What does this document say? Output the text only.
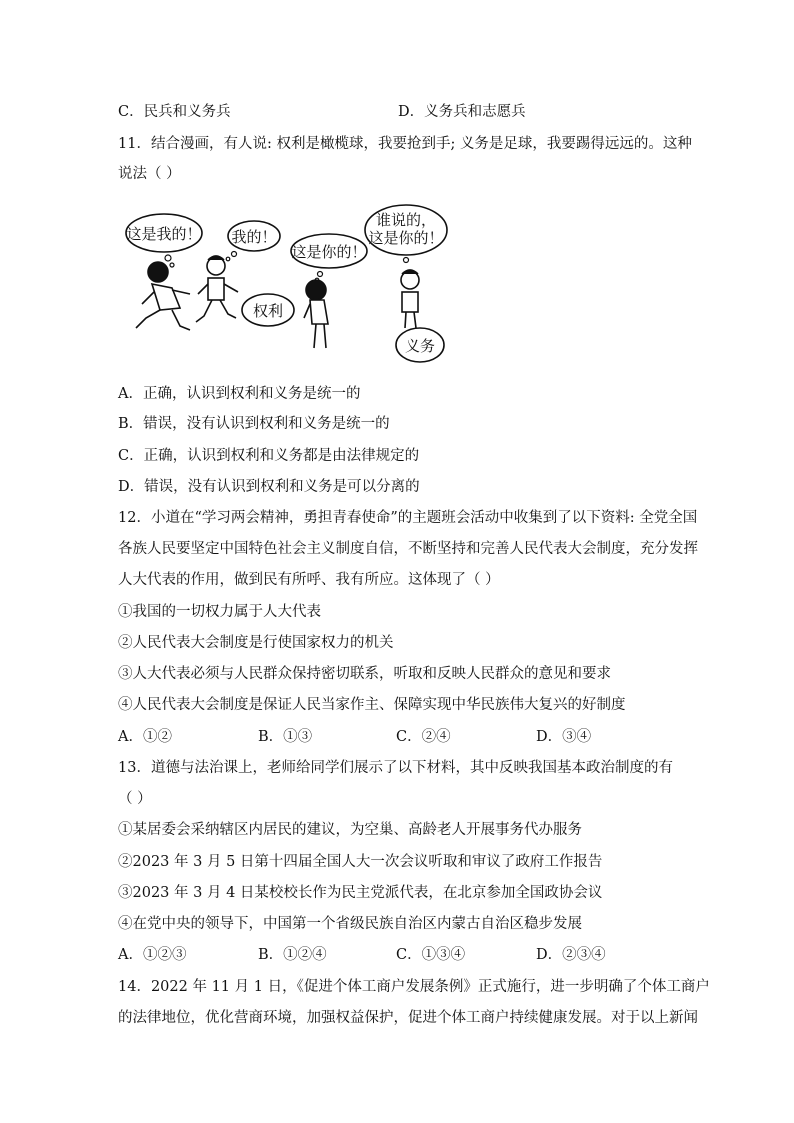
C．民兵和义务兵	D．义务兵和志愿兵
11．结合漫画，有人说: 权利是橄榄球，我要抢到手; 义务是足球，我要踢得远远的。这种
说法（ ）
这是我的！ 我的！
这是你的！
谁说的，
这是你的！
权利
义务
A．正确，认识到权利和义务是统一的
B．错误，没有认识到权利和义务是统一的
C．正确，认识到权利和义务都是由法律规定的
D．错误，没有认识到权利和义务是可以分离的
12．小道在“学习两会精神，勇担青春使命”的主题班会活动中收集到了以下资料: 全党全国
各族人民要坚定中国特色社会主义制度自信，不断坚持和完善人民代表大会制度，充分发挥
人大代表的作用，做到民有所呼、我有所应。这体现了（ ）
①我国的一切权力属于人大代表
②人民代表大会制度是行使国家权力的机关
③人大代表必须与人民群众保持密切联系，听取和反映人民群众的意见和要求
④人民代表大会制度是保证人民当家作主、保障实现中华民族伟大复兴的好制度
A．①②	B．①③	C．②④	D．③④
13．道德与法治课上，老师给同学们展示了以下材料，其中反映我国基本政治制度的有
（ ）
①某居委会采纳辖区内居民的建议，为空巢、高龄老人开展事务代办服务
②2023 年 3 月 5 日第十四届全国人大一次会议听取和审议了政府工作报告
③2023 年 3 月 4 日某校校长作为民主党派代表，在北京参加全国政协会议
④在党中央的领导下，中国第一个省级民族自治区内蒙古自治区稳步发展
A．①②③	B．①②④	C．①③④	D．②③④
14．2022 年 11 月 1 日，《促进个体工商户发展条例》正式施行，进一步明确了个体工商户
的法律地位，优化营商环境，加强权益保护，促进个体工商户持续健康发展。对于以上新闻
